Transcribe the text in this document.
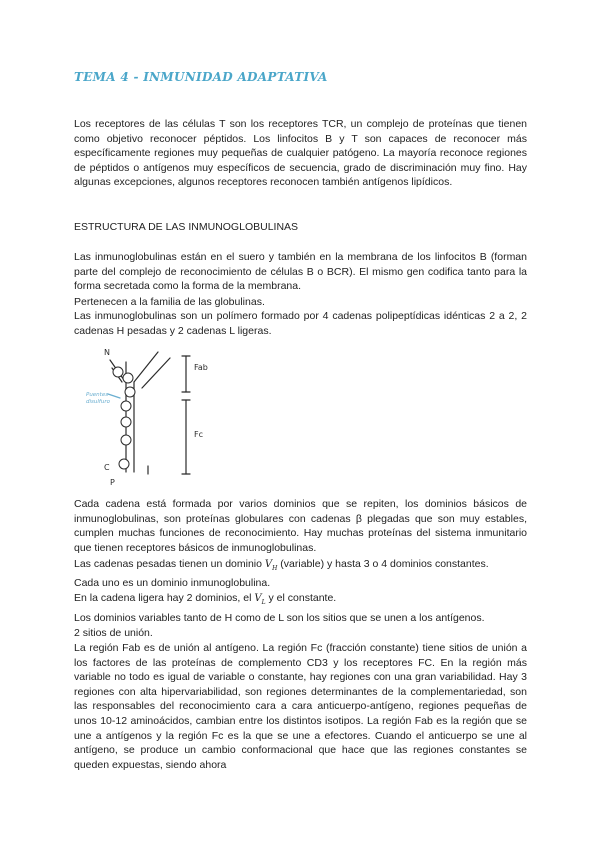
TEMA 4 - INMUNIDAD ADAPTATIVA

Los receptores de las células T son los receptores TCR, un complejo de proteínas que tienen como objetivo reconocer péptidos. Los linfocitos B y T son capaces de reconocer más específicamente regiones muy pequeñas de cualquier patógeno. La mayoría reconoce regiones de péptidos o antígenos muy específicos de secuencia, grado de discriminación muy fino. Hay algunas excepciones, algunos receptores reconocen también antígenos lipídicos.

ESTRUCTURA DE LAS INMUNOGLOBULINAS

Las inmunoglobulinas están en el suero y también en la membrana de los linfocitos B (forman parte del complejo de reconocimiento de células B o BCR). El mismo gen codifica tanto para la forma secretada como la forma de la membrana.

Pertenecen a la familia de las globulinas.

Las inmunoglobulinas son un polímero formado por 4 cadenas polipeptídicas idénticas 2 a 2, 2 cadenas H pesadas y 2 cadenas L ligeras.

N
Fab
Fc
C
P
Puentes
disulfuro

Cada cadena está formada por varios dominios que se repiten, los dominios básicos de inmunoglobulinas, son proteínas globulares con cadenas β plegadas que son muy estables, cumplen muchas funciones de reconocimiento. Hay muchas proteínas del sistema inmunitario que tienen receptores básicos de inmunoglobulinas.

Las cadenas pesadas tienen un dominio $V_H$ (variable) y hasta 3 o 4 dominios constantes.

Cada uno es un dominio inmunoglobulina.

En la cadena ligera hay 2 dominios, el $V_L$ y el constante.

Los dominios variables tanto de H como de L son los sitios que se unen a los antígenos.

2 sitios de unión.

La región Fab es de unión al antígeno. La región Fc (fracción constante) tiene sitios de unión a los factores de las proteínas de complemento CD3 y los receptores FC. En la región más variable no todo es igual de variable o constante, hay regiones con una gran variabilidad. Hay 3 regiones con alta hipervariabilidad, son regiones determinantes de la complementariedad, son las responsables del reconocimiento cara a cara anticuerpo-antígeno, regiones pequeñas de unos 10-12 aminoácidos, cambian entre los distintos isotipos. La región Fab es la región que se une a antígenos y la región Fc es la que se une a efectores. Cuando el anticuerpo se une al antígeno, se produce un cambio conformacional que hace que las regiones constantes se queden expuestas, siendo ahora
